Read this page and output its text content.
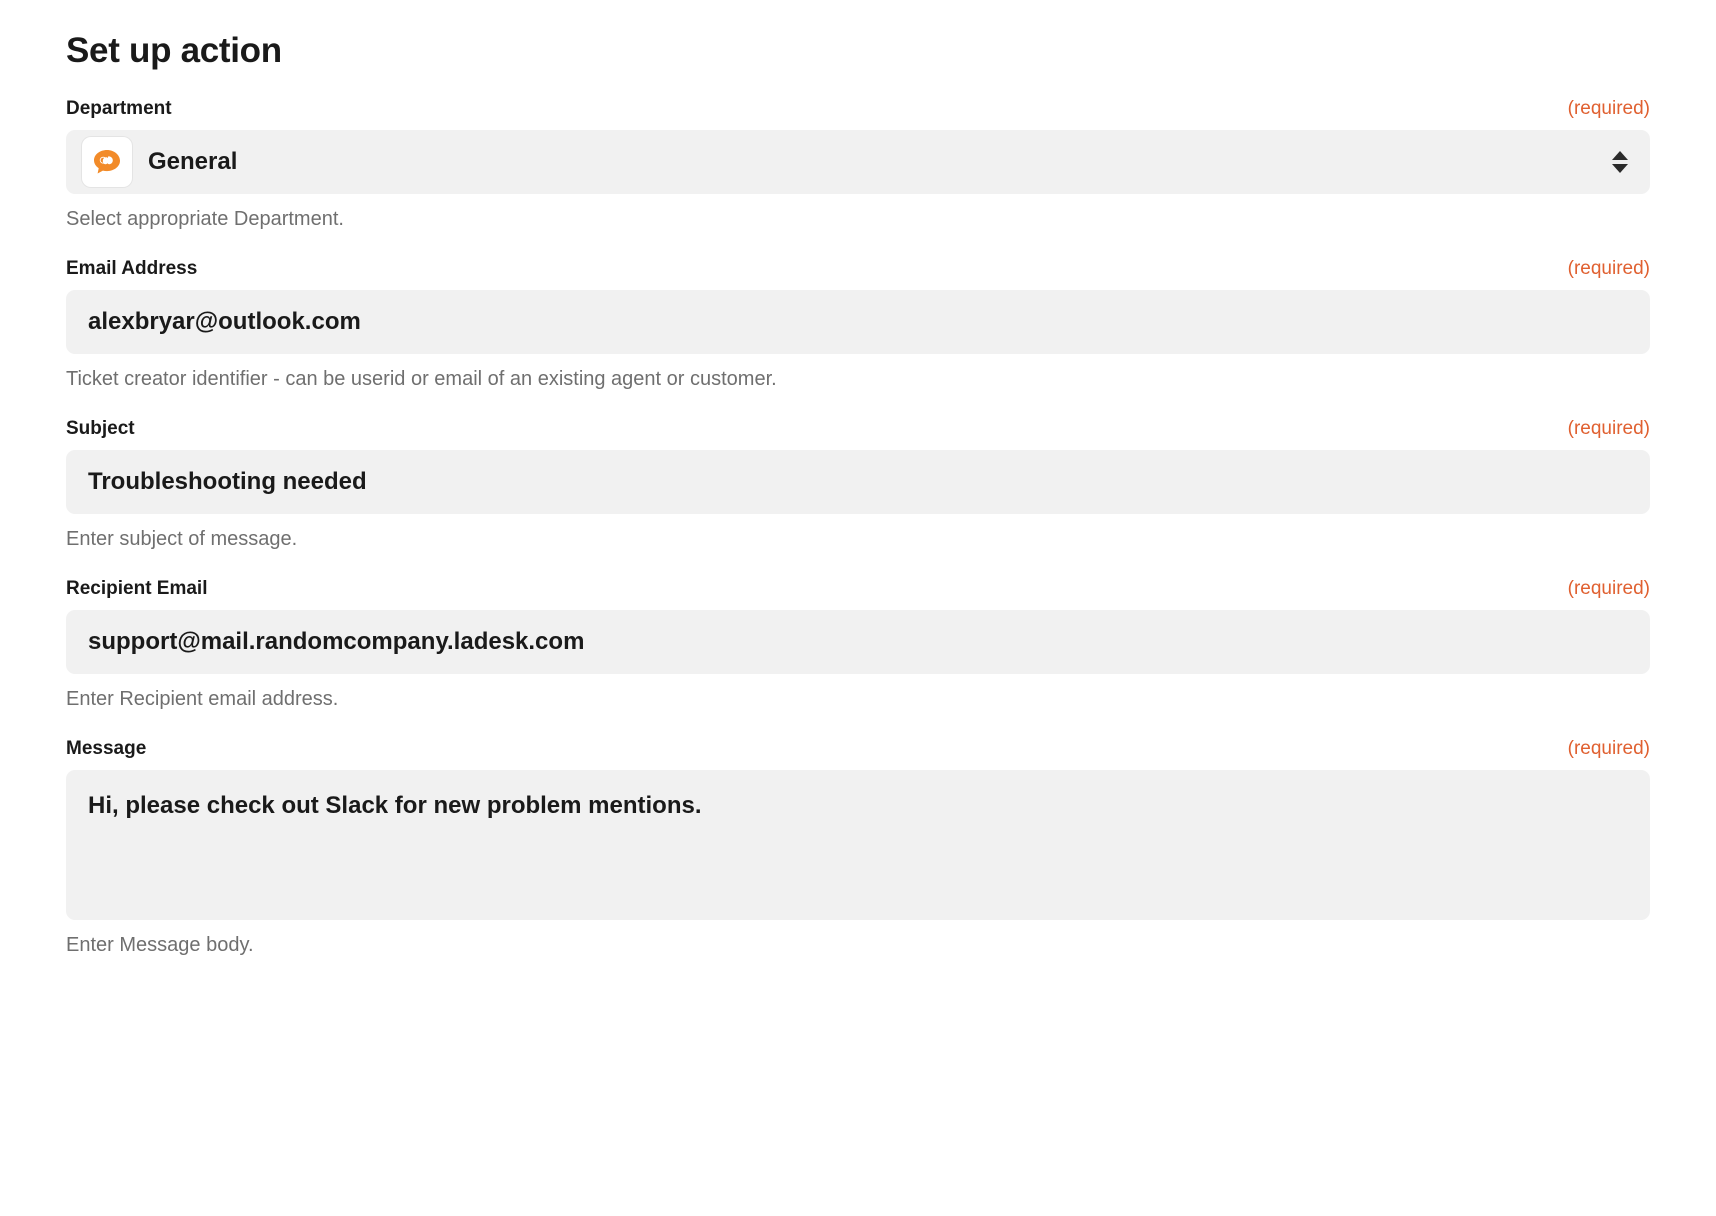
Set up action
Department	(required)
General
Select appropriate Department.
Email Address	(required)
alexbryar@outlook.com
Ticket creator identifier - can be userid or email of an existing agent or customer.
Subject	(required)
Troubleshooting needed
Enter subject of message.
Recipient Email	(required)
support@mail.randomcompany.ladesk.com
Enter Recipient email address.
Message	(required)
Hi, please check out Slack for new problem mentions.
Enter Message body.
